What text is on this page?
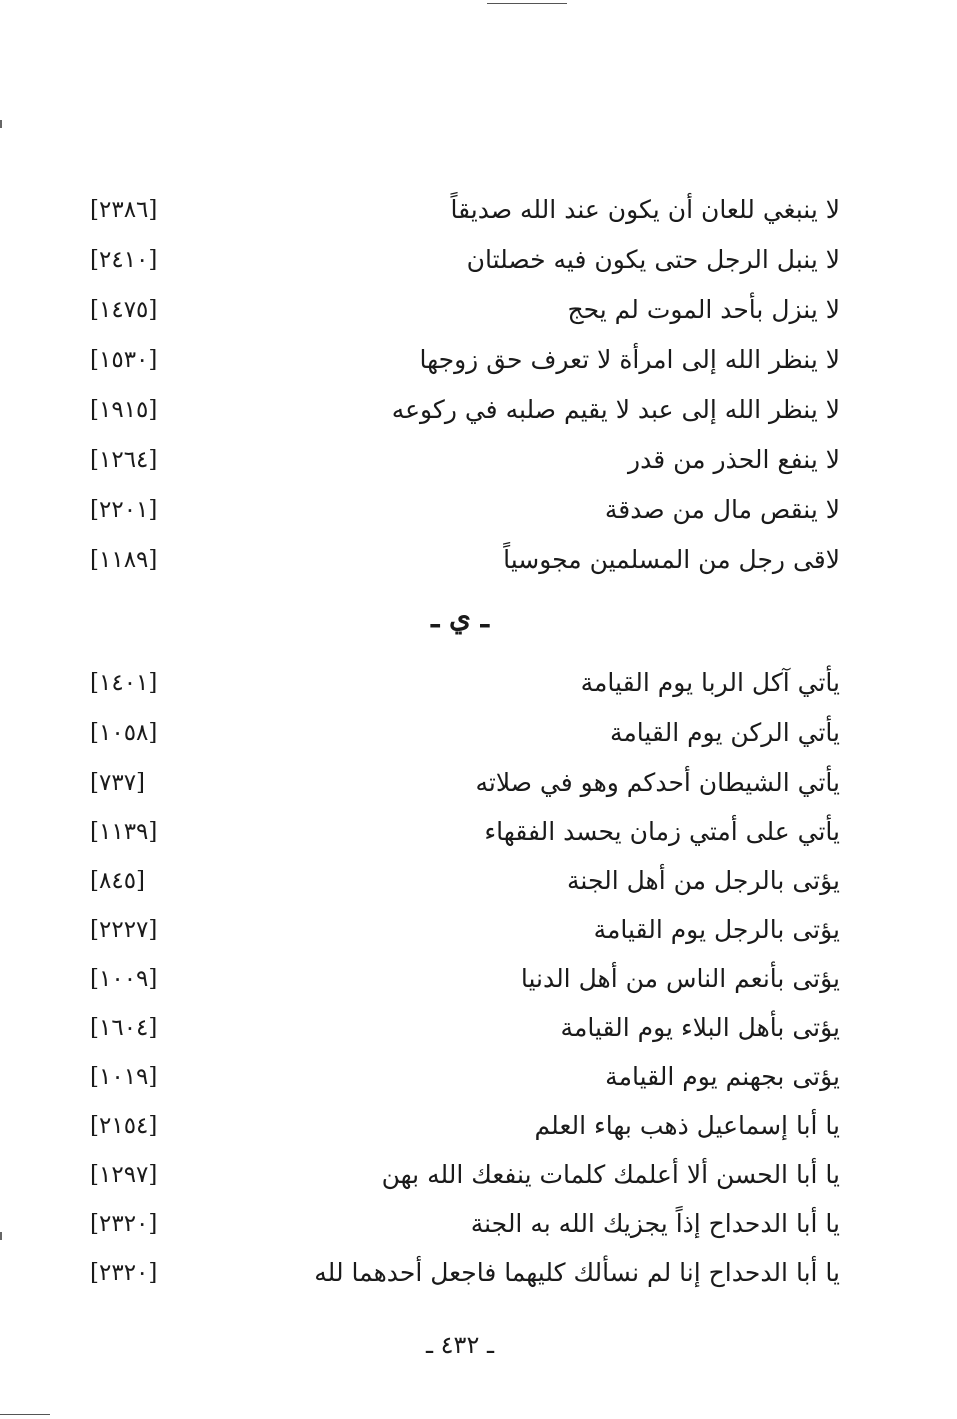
لا ينبغي للعان أن يكون عند الله صديقاً
[٢٣٨٦]
لا ينبل الرجل حتى يكون فيه خصلتان
[٢٤١٠]
لا ينزل بأحد الموت لم يحج
[١٤٧٥]
لا ينظر الله إلى امرأة لا تعرف حق زوجها
[١٥٣٠]
لا ينظر الله إلى عبد لا يقيم صلبه في ركوعه
[١٩١٥]
لا ينفع الحذر من قدر
[١٢٦٤]
لا ينقص مال من صدقة
[٢٢٠١]
لاقى رجل من المسلمين مجوسياً
[١١٨٩]
ـ ي ـ
يأتي آكل الربا يوم القيامة
[١٤٠١]
يأتي الركن يوم القيامة
[١٠٥٨]
يأتي الشيطان أحدكم وهو في صلاته
[٧٣٧]
يأتي على أمتي زمان يحسد الفقهاء
[١١٣٩]
يؤتى بالرجل من أهل الجنة
[٨٤٥]
يؤتى بالرجل يوم القيامة
[٢٢٢٧]
يؤتى بأنعم الناس من أهل الدنيا
[١٠٠٩]
يؤتى بأهل البلاء يوم القيامة
[١٦٠٤]
يؤتى بجهنم يوم القيامة
[١٠١٩]
يا أبا إسماعيل ذهب بهاء العلم
[٢١٥٤]
يا أبا الحسن ألا أعلمك كلمات ينفعك الله بهن
[١٢٩٧]
يا أبا الدحداح إذاً يجزيك الله به الجنة
[٢٣٢٠]
يا أبا الدحداح إنا لم نسألك كليهما فاجعل أحدهما لله
[٢٣٢٠]
ـ ٤٣٢ ـ
